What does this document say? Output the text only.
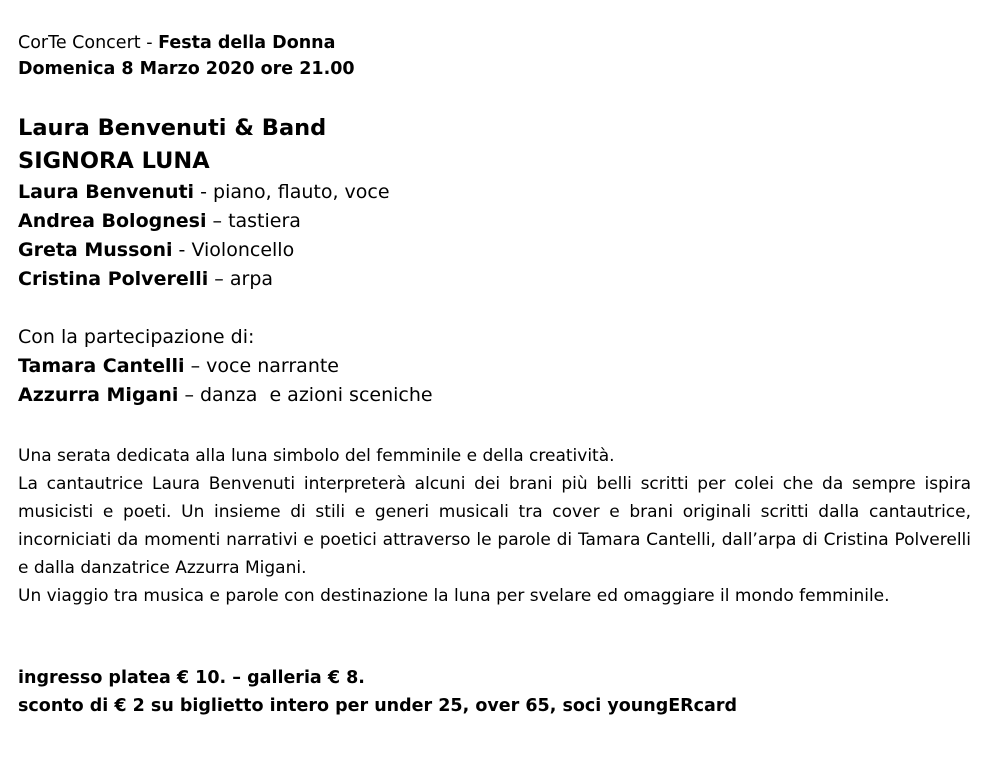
CorTe Concert - Festa della Donna
Domenica 8 Marzo 2020 ore 21.00
Laura Benvenuti & Band
SIGNORA LUNA
Laura Benvenuti - piano, flauto, voce
Andrea Bolognesi – tastiera
Greta Mussoni - Violoncello
Cristina Polverelli – arpa
Con la partecipazione di:
Tamara Cantelli – voce narrante
Azzurra Migani – danza  e azioni sceniche

Una serata dedicata alla luna simbolo del femminile e della creatività.

La cantautrice Laura Benvenuti interpreterà alcuni dei brani più belli scritti per colei che da sempre ispira musicisti e poeti. Un insieme di stili e generi musicali tra cover e brani originali scritti dalla cantautrice, incorniciati da momenti narrativi e poetici attraverso le parole di Tamara Cantelli, dall’arpa di Cristina Polverelli e dalla danzatrice Azzurra Migani.

Un viaggio tra musica e parole con destinazione la luna per svelare ed omaggiare il mondo femminile.

ingresso platea € 10. – galleria € 8.
sconto di € 2 su biglietto intero per under 25, over 65, soci youngERcard
